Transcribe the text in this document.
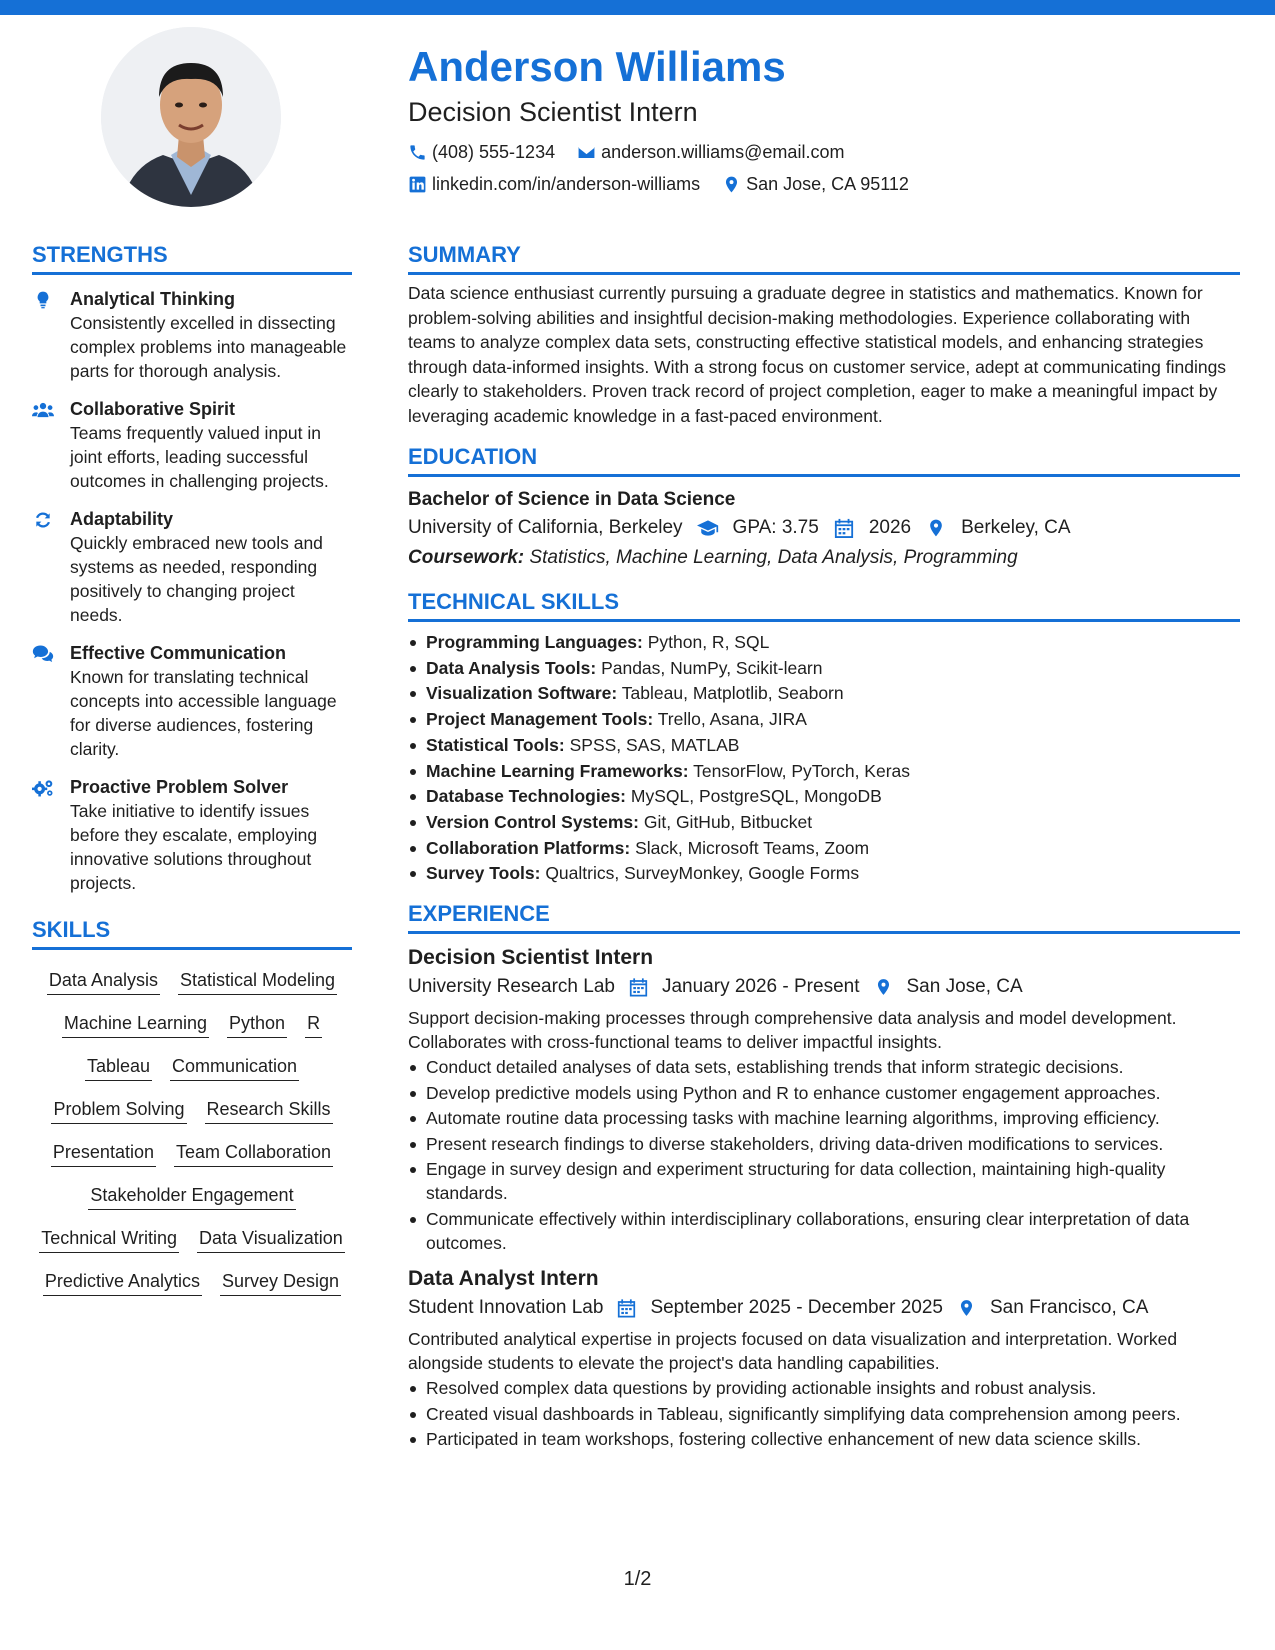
Anderson Williams
Decision Scientist Intern
(408) 555-1234	anderson.williams@email.com
linkedin.com/in/anderson-williams	San Jose, CA 95112
STRENGTHS
Analytical Thinking
Consistently excelled in dissecting complex problems into manageable parts for thorough analysis.
Collaborative Spirit
Teams frequently valued input in joint efforts, leading successful outcomes in challenging projects.
Adaptability
Quickly embraced new tools and systems as needed, responding positively to changing project needs.
Effective Communication
Known for translating technical concepts into accessible language for diverse audiences, fostering clarity.
Proactive Problem Solver
Take initiative to identify issues before they escalate, employing innovative solutions throughout projects.
SKILLS
Data Analysis Statistical Modeling
Machine Learning Python R
Tableau Communication
Problem Solving Research Skills
Presentation Team Collaboration
Stakeholder Engagement
Technical Writing Data Visualization
Predictive Analytics Survey Design
SUMMARY

Data science enthusiast currently pursuing a graduate degree in statistics and mathematics. Known for problem-solving abilities and insightful decision-making methodologies. Experience collaborating with teams to analyze complex data sets, constructing effective statistical models, and enhancing strategies through data-informed insights. With a strong focus on customer service, adept at communicating findings clearly to stakeholders. Proven track record of project completion, eager to make a meaningful impact by leveraging academic knowledge in a fast-paced environment.

EDUCATION
Bachelor of Science in Data Science
University of California, Berkeley	GPA: 3.75	2026	Berkeley, CA
Coursework: Statistics, Machine Learning, Data Analysis, Programming
TECHNICAL SKILLS
Programming Languages: Python, R, SQL
Data Analysis Tools: Pandas, NumPy, Scikit-learn
Visualization Software: Tableau, Matplotlib, Seaborn
Project Management Tools: Trello, Asana, JIRA
Statistical Tools: SPSS, SAS, MATLAB
Machine Learning Frameworks: TensorFlow, PyTorch, Keras
Database Technologies: MySQL, PostgreSQL, MongoDB
Version Control Systems: Git, GitHub, Bitbucket
Collaboration Platforms: Slack, Microsoft Teams, Zoom
Survey Tools: Qualtrics, SurveyMonkey, Google Forms
EXPERIENCE
Decision Scientist Intern
University Research Lab January 2026 - Present San Jose, CA
Support decision-making processes through comprehensive data analysis and model development. Collaborates with cross-functional teams to deliver impactful insights.
Conduct detailed analyses of data sets, establishing trends that inform strategic decisions.
Develop predictive models using Python and R to enhance customer engagement approaches.
Automate routine data processing tasks with machine learning algorithms, improving efficiency.
Present research findings to diverse stakeholders, driving data-driven modifications to services.
Engage in survey design and experiment structuring for data collection, maintaining high-quality standards.
Communicate effectively within interdisciplinary collaborations, ensuring clear interpretation of data outcomes.
Data Analyst Intern
Student Innovation Lab September 2025 - December 2025 San Francisco, CA
Contributed analytical expertise in projects focused on data visualization and interpretation. Worked alongside students to elevate the project's data handling capabilities.
Resolved complex data questions by providing actionable insights and robust analysis.
Created visual dashboards in Tableau, significantly simplifying data comprehension among peers.
Participated in team workshops, fostering collective enhancement of new data science skills.
1/2
